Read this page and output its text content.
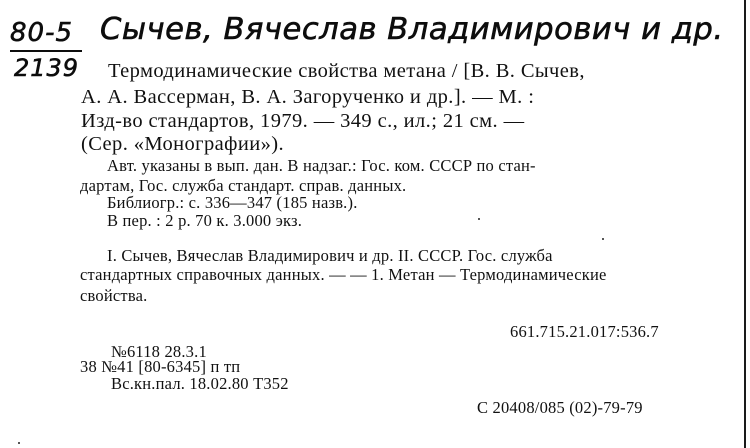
80-5
2139
Сычев, Вячеслав Владимирович и др.
Термодинамические свойства метана / [В. В. Сычев,
А. А. Вассерман, В. А. Загорученко и др.]. — М. :
Изд-во стандартов, 1979. — 349 с., ил.; 21 см. —
(Сер. «Монографии»).
Авт. указаны в вып. дан. В надзаг.: Гос. ком. СССР по стан-
дартам, Гос. служба стандарт. справ. данных.
Библиогр.: с. 336—347 (185 назв.).
В пер. : 2 р. 70 к. 3.000 экз.
I. Сычев, Вячеслав Владимирович и др. II. СССР. Гос. служба
стандартных справочных данных. — — 1. Метан — Термодинамические
свойства.
661.715.21.017:536.7
№6118 28.3.1
38 №41 [80-6345] п тп
Вс.кн.пал. 18.02.80 Т352
С 20408/085 (02)-79-79
